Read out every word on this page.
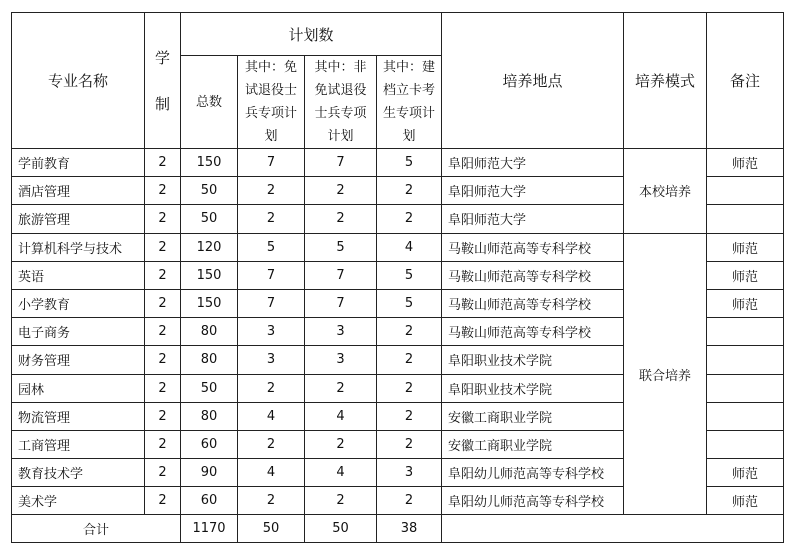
专业名称	学制	计划数				培养地点	培养模式	备注
		总数	其中：免试退役士兵专项计划	其中：非免试退役士兵专项计划	其中：建档立卡考生专项计划			
学前教育	2	150	7	7	5	阜阳师范大学	本校培养	师范
酒店管理	2	50	2	2	2	阜阳师范大学		
旅游管理	2	50	2	2	2	阜阳师范大学		
计算机科学与技术	2	120	5	5	4	马鞍山师范高等专科学校	联合培养	师范
英语	2	150	7	7	5	马鞍山师范高等专科学校		师范
小学教育	2	150	7	7	5	马鞍山师范高等专科学校		师范
电子商务	2	80	3	3	2	马鞍山师范高等专科学校		
财务管理	2	80	3	3	2	阜阳职业技术学院		
园林	2	50	2	2	2	阜阳职业技术学院		
物流管理	2	80	4	4	2	安徽工商职业学院		
工商管理	2	60	2	2	2	安徽工商职业学院		
教育技术学	2	90	4	4	3	阜阳幼儿师范高等专科学校		师范
美术学	2	60	2	2	2	阜阳幼儿师范高等专科学校		师范
合计		1170	50	50	38			
